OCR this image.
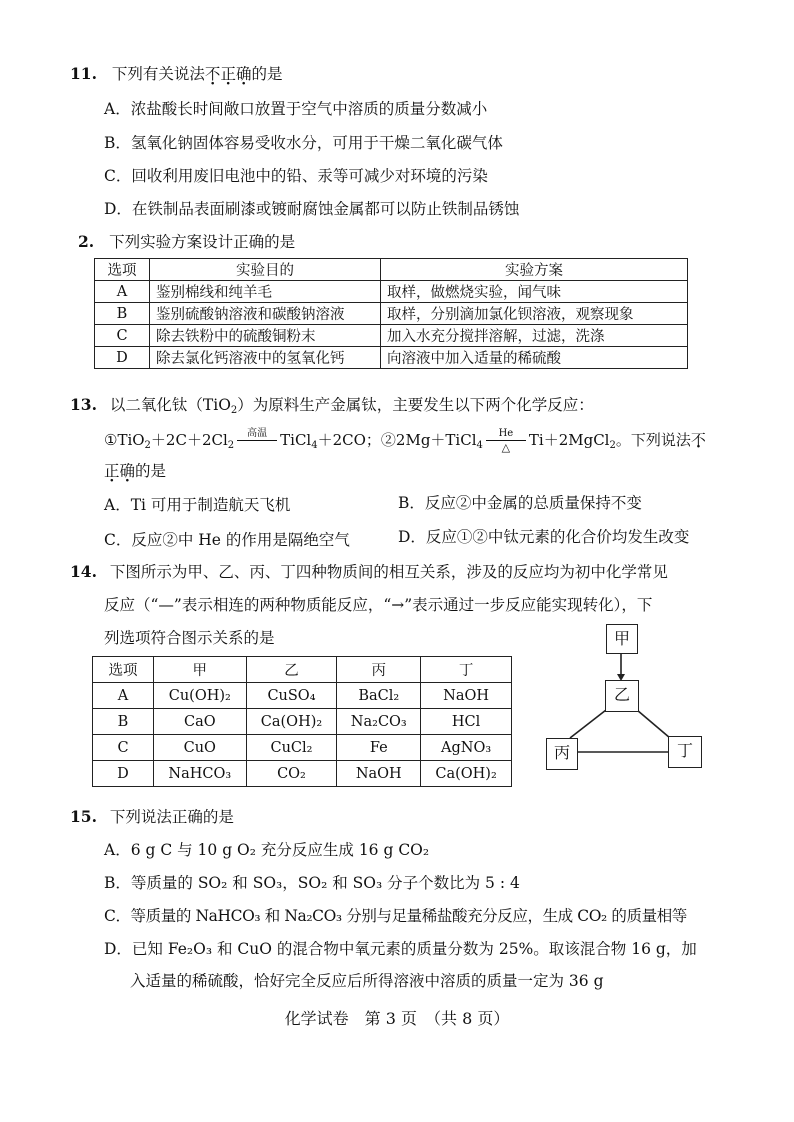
11. 下列有关说法不正确的是
A．浓盐酸长时间敞口放置于空气中溶质的质量分数减小
B．氢氧化钠固体容易受收水分，可用于干燥二氧化碳气体
C．回收利用废旧电池中的铅、汞等可减少对环境的污染
D．在铁制品表面刷漆或镀耐腐蚀金属都可以防止铁制品锈蚀
2. 下列实验方案设计正确的是
选项	实验目的	实验方案
A	鉴别棉线和纯羊毛	取样，做燃烧实验，闻气味
B	鉴别硫酸钠溶液和碳酸钠溶液	取样，分别滴加氯化钡溶液，观察现象
C	除去铁粉中的硫酸铜粉末	加入水充分搅拌溶解，过滤，洗涤
D	除去氯化钙溶液中的氢氧化钙	向溶液中加入适量的稀硫酸
13. 以二氧化钛（TiO$_2$）为原料生产金属钛，主要发生以下两个化学反应：
$①TiO_2+2C+2Cl_2$
高温
TiCl$_4$＋2CO；②2Mg＋TiCl$_4$ $\frac{He}{\triangle}$ Ti＋2MgCl$_2$。下列说法不
正确的是
A．Ti 可用于制造航天飞机	B．反应②中金属的总质量保持不变
C．反应②中 He 的作用是隔绝空气	D．反应①②中钛元素的化合价均发生改变
14. 下图所示为甲、乙、丙、丁四种物质间的相互关系，涉及的反应均为初中化学常见
反应（“—”表示相连的两种物质能反应，“→”表示通过一步反应能实现转化），下
列选项符合图示关系的是
选项	甲	乙	丙	丁
A	Cu(OH)₂	CuSO₄	BaCl₂	NaOH
B	CaO	Ca(OH)₂	Na₂CO₃	HCl
C	CuO	CuCl₂	Fe	AgNO₃
D	NaHCO₃	CO₂	NaOH	Ca(OH)₂
甲
乙
丙	丁
15. 下列说法正确的是
A．6 g C 与 10 g O₂ 充分反应生成 16 g CO₂
B．等质量的 SO₂ 和 SO₃，SO₂ 和 SO₃ 分子个数比为 5 : 4
C．等质量的 NaHCO₃ 和 Na₂CO₃ 分别与足量稀盐酸充分反应，生成 CO₂ 的质量相等
D．已知 Fe₂O₃ 和 CuO 的混合物中氧元素的质量分数为 25%。取该混合物 16 g，加
入适量的稀硫酸，恰好完全反应后所得溶液中溶质的质量一定为 36 g
化学试卷　第 3 页　（共 8 页）
